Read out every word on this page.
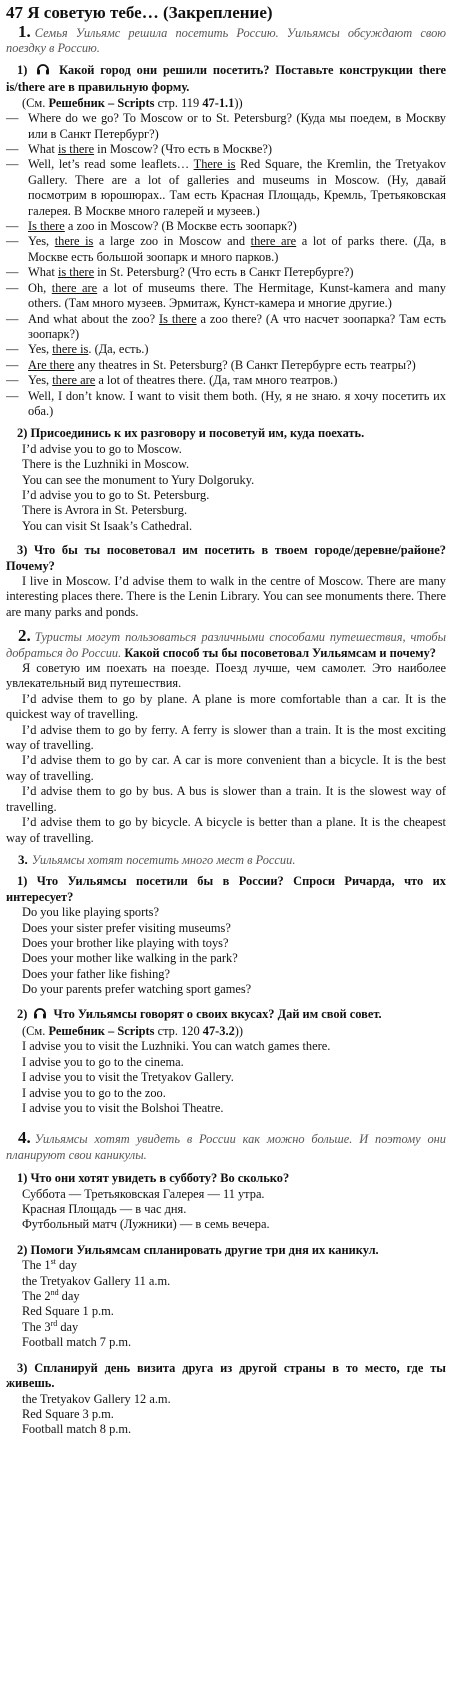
47 Я советую тебе… (Закрепление)

1. Семья Уильямс решила посетить Россию. Уильямсы обсуждают свою поездку в Россию.

1)	Какой город они решили посетить? Поставьте конструкции there is/there are в правильную форму.

(См. Решебник – Scripts стр. 119 47-1.1))

— Where do we go? To Moscow or to St. Petersburg? (Куда мы поедем, в Москву или в Санкт Петербург?)
— What is there in Moscow? (Что есть в Москве?)
— Well, let’s read some leaflets… There is Red Square, the Kremlin, the Tretyakov Gallery. There are a lot of galleries and museums in Moscow. (Ну, давай посмотрим в юрошюрах.. Там есть Красная Площадь, Кремль, Третьяковская галерея. В Москве много галерей и музеев.)
— Is there a zoo in Moscow? (В Москве есть зоопарк?)
— Yes, there is a large zoo in Moscow and there are a lot of parks there. (Да, в Москве есть большой зоопарк и много парков.)
— What is there in St. Petersburg? (Что есть в Санкт Петербурге?)
— Oh, there are a lot of museums there. The Hermitage, Kunst-kamera and many others. (Там много музеев. Эрмитаж, Кунст-камера и многие другие.)
— And what about the zoo? Is there a zoo there? (А что насчет зоопарка? Там есть зоопарк?)
— Yes, there is. (Да, есть.)
— Are there any theatres in St. Petersburg? (В Санкт Петербурге есть театры?)
— Yes, there are a lot of theatres there. (Да, там много театров.)
— Well, I don’t know. I want to visit them both. (Ну, я не знаю. я хочу посетить их оба.)

2) Присоединись к их разговору и посоветуй им, куда поехать.

I’d advise you to go to Moscow.

There is the Luzhniki in Moscow.

You can see the monument to Yury Dolgoruky.

I’d advise you to go to St. Petersburg.

There is Avrora in St. Petersburg.

You can visit St Isaak’s Cathedral.

3) Что бы ты посоветовал им посетить в твоем городе/деревне/районе? Почему?

I live in Moscow. I’d advise them to walk in the centre of Moscow. There are many interesting places there. There is the Lenin Library. You can see monuments there. There are many parks and ponds.

2. Туристы могут пользоваться различными способами путешествия, чтобы добраться до России. Какой способ ты бы посоветовал Уильямсам и почему?

Я советую им поехать на поезде. Поезд лучше, чем самолет. Это наиболее увлекательный вид путешествия.

I’d advise them to go by plane. A plane is more comfortable than a car. It is the quickest way of travelling.

I’d advise them to go by ferry. A ferry is slower than a train. It is the most exciting way of travelling.

I’d advise them to go by car. A car is more convenient than a bicycle. It is the best way of travelling.

I’d advise them to go by bus. A bus is slower than a train. It is the slowest way of travelling.

I’d advise them to go by bicycle. A bicycle is better than a plane. It is the cheapest way of travelling.

3. Уильямсы хотят посетить много мест в России.

1) Что Уильямсы посетили бы в России? Спроси Ричарда, что их интересует?

Do you like playing sports?

Does your sister prefer visiting museums?

Does your brother like playing with toys?

Does your mother like walking in the park?

Does your father like fishing?

Do your parents prefer watching sport games?

2) Что Уильямсы говорят о своих вкусах? Дай им свой совет.

(См. Решебник – Scripts стр. 120 47-3.2))

I advise you to visit the Luzhniki. You can watch games there.

I advise you to go to the cinema.

I advise you to visit the Tretyakov Gallery.

I advise you to go to the zoo.

I advise you to visit the Bolshoi Theatre.

4. Уильямсы хотят увидеть в России как можно больше. И поэтому они планируют свои каникулы.

1) Что они хотят увидеть в субботу? Во сколько?

Суббота — Третьяковская Галерея — 11 утра.

Красная Площадь — в час дня.

Футбольный матч (Лужники) — в семь вечера.

2) Помоги Уильямсам спланировать другие три дня их каникул.

The 1st day

the Tretyakov Gallery 11 a.m.

The 2nd day

Red Square 1 p.m.

The 3rd day

Football match 7 p.m.

3) Спланируй день визита друга из другой страны в то место, где ты живешь.

the Tretyakov Gallery 12 a.m.

Red Square 3 p.m.

Football match 8 p.m.
